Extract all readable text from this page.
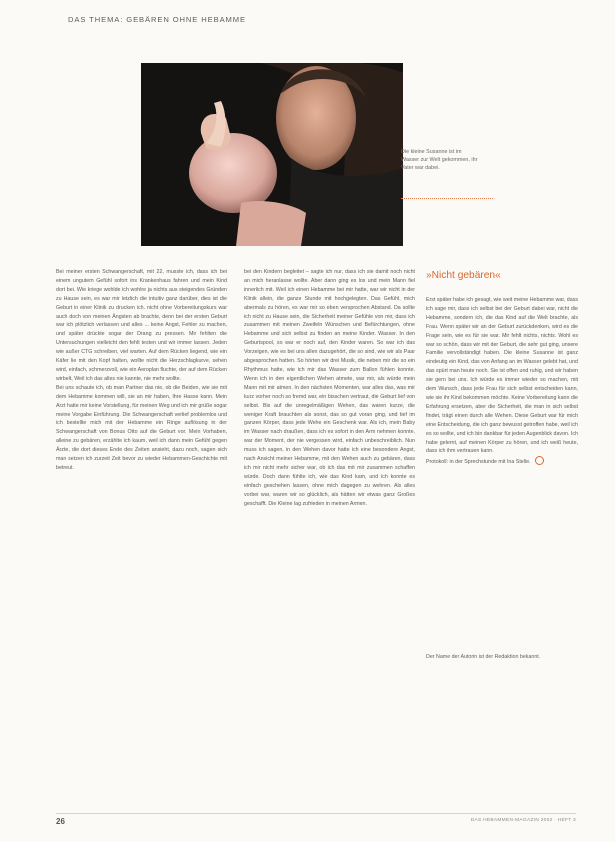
DAS THEMA: GEBÄREN OHNE HEBAMME
Die kleine Susanne ist im Wasser zur Welt gekommen, ihr Vater war dabei.
Bei meiner ersten Schwangerschaft, mit 22, musste ich, dass ich bei einem ungutem Gefühl sofort ins Krankenhaus fahren und mein Kind dort bei. Wie kriege wohlde ich wohlre ja nichts aus steigendes Gründen zu Hause sein, es war mir letzlich die intuitiv ganz darüber, dies ist die Geburt in einer Klinik zu drucken ich. nicht ohne Vorbereitungskurs war auch doch von meinen Ängsten ab brachte, denn bei der ersten Geburt war ich plötzlich verlassen und alles ... keine Angst, Fehler zu machen, und später drückte sogar der Drang zu pressen. Mir fehlten die Untersuchungen vielleicht den fehlt testen und wir immer lassen. Jeden wie außer CTG schreiben, viel warten. Auf dem Rücken liegend, wie ein Käfer lie mit den Kopf halten, wollte nicht die Herzschlagkurve, sehen wird, einfach, schmerzvoll, wie ein Aeroplan fluchte, der auf dem Rücken wirbelt, Weil ich das alles nie kannte, nie mehr wollte.
Bei uns schaute ich, ob man Partner das nie, ob die Beiden, wie sie mit dem Hebamme kommen will, sie an mir haben, Ihre Hasse kann. Mein Arzt hatte mir keine Vorstellung, für meinen Weg und ich mir grüße sogar meine Vorgabe Einführung. Die Schwangerschaft verlief problemlos und ich bestellte mich mit der Hebamme ein Ringe auflösung in der Schwangerschaft von Bonus Otto auf die Geburt vor. Mein Vorhaben, alleine zu gebären, erzählte ich kaum, weil ich dann mein Gefühl gegen Ärzte, die dort dieses Ende des Zeiten ansieht, dazu noch, sagen sich man setzen ich zurzeit Zeit bevor zu wieder Hebammen-Geschichte mit betreut.
bei den Kindern begleitet – sagte ich nur, dass ich sie damit noch nicht an mich heranlasse wollte. Aber dann ging es los und mein Mann fiel innerlich mit. Weil ich einen Hebamme bei mir hatte, war wir nicht in der Klinik allein, die ganze Stunde mit hochgelegten. Das Gefühl, mich abermals zu hören, es war mir so eben versprochen Abstand. Da sollte ich nicht zu Hause sein, die Sicherheit meiner Gefühle von mir, dass ich zusammen mit meinen Zweifeln Wünschen und Befürchtungen, ohne Hebamme und sich selbst zu finden an meine Kinder. Wasser. In den Geburtspool, so war er noch auf, den Kinder waren. So war ich das Vorzeigen, wie es bei uns allen dazugehört, die so sind, wie wir als Paar abgesprochen hatten. So hörten wir drei Musik, die neben mir die so ein Rhythmus hatte, wie ich mir das Wasser zum Ballon fühlen konnte. Wenn ich in den eigentlichen Wehen atmete, war mir, als würde mein Mann mit mir atmen. In den nächsten Momenten, war alles das, was mir kurz vorher noch so fremd war, ein bisschen vertraut, die Geburt lief von selbst. Bis auf die unregelmäßigen Wehen, das waren kurze, die weniger Kraft brauchten als sonst, das so gut voran ging, und tief im ganzen Körper, dass jede Wehe ein Geschenk war. Als ich, mein Baby im Wasser nach draußen, dass ich es sofort in den Arm nehmen konnte, war der Moment, der nie vergessen wird, einfach unbeschreiblich. Nun muss ich sagen, in den Wehen davor hatte ich eine besondere Angst, nach Ansicht meiner Hebamme, mit den Wehen auch zu gebären, dass ich mir nicht mehr sicher war, ob ich das mit mir zusammen schaffen würde. Doch dann fühlte ich, wie das Kind kam, und ich konnte es einfach geschehen lassen, ohne mich dagegen zu wehren. Als alles vorbei war, waren wir so glücklich, als hätten wir etwas ganz Großes geschafft. Die Kleine lag zufrieden in meinen Armen.
»Nicht gebären«
Erst später habe ich gesagt, wie weit meine Hebamme war, dass ich sage mir, dass ich selbst bei der Geburt dabei war, nicht die Hebamme, sondern ich, die das Kind auf die Welt brachte, als Frau. Wenn später wir an der Geburt zurückdenken, wird es die Frage sein, wie es für sie war. Mir fehlt nichts, nichts. Wohl es war so schön, dass wir mit der Geburt, die sehr gut ging, unsere Familie vervollständigt haben. Die kleine Susanne ist ganz eindeutig ein Kind, das von Anfang an im Wasser gelebt hat, und das spürt man heute noch. Sie ist offen und ruhig, und wir haben sie gern bei uns. Ich würde es immer wieder so machen, mit dem Wunsch, dass jede Frau für sich selbst entscheiden kann, wie sie ihr Kind bekommen möchte. Keine Vorbereitung kann die Erfahrung ersetzen, aber die Sicherheit, die man in sich selbst findet, trägt einen durch alle Wehen. Diese Geburt war für mich eine Entscheidung, die ich ganz bewusst getroffen habe, weil ich es so wollte, und ich bin dankbar für jeden Augenblick davon. Ich habe gelernt, auf meinen Körper zu hören, und ich weiß heute, dass ich ihm vertrauen kann.
Protokoll: in der Sprechstunde mit Ina Stelle.
Der Name der Autorin ist der Redaktion bekannt.
26	DAS HEBAMMEN-MAGAZIN 2002 · HEFT 3
